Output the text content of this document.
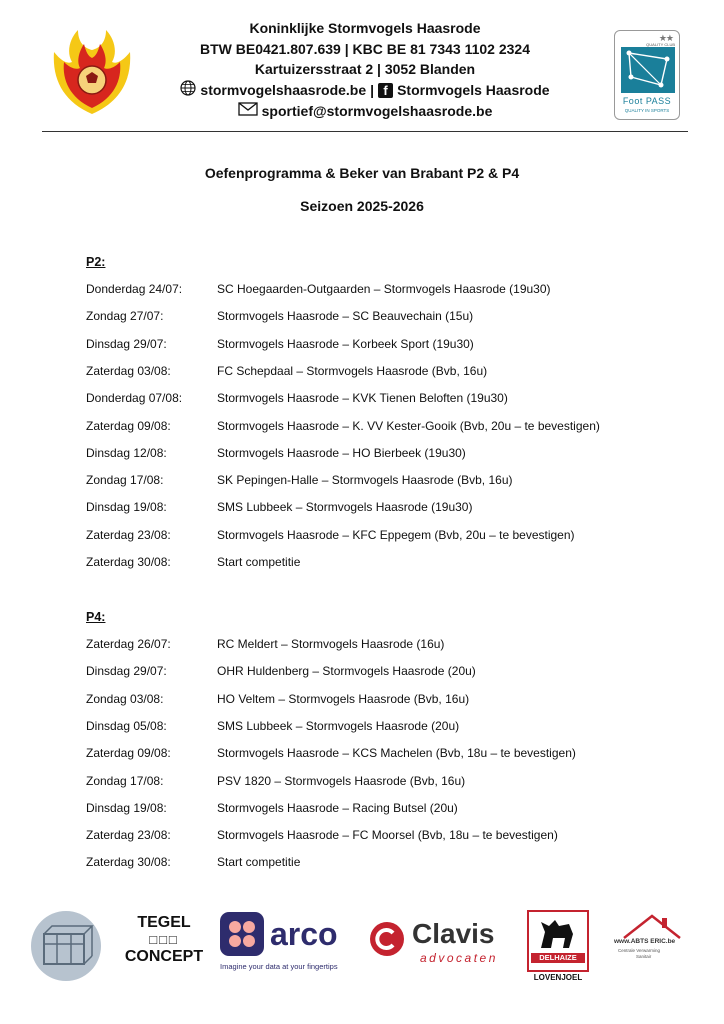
Koninklijke Stormvogels Haasrode
BTW BE0421.807.639 | KBC BE 81 7343 1102 2324
Kartuizersstraat 2 | 3052 Blanden
stormvogelshaasrode.be | f Stormvogels Haasrode
sportief@stormvogelshaasrode.be
★★
QUALITY CLUB
Foot PASS
QUALITY IN SPORTS
Oefenprogramma & Beker van Brabant P2 & P4
Seizoen 2025-2026
P2:
Donderdag 24/07:	SC Hoegaarden-Outgaarden – Stormvogels Haasrode (19u30)
Zondag 27/07:	Stormvogels Haasrode – SC Beauvechain (15u)
Dinsdag 29/07:	Stormvogels Haasrode – Korbeek Sport (19u30)
Zaterdag 03/08:	FC Schepdaal – Stormvogels Haasrode (Bvb, 16u)
Donderdag 07/08:	Stormvogels Haasrode – KVK Tienen Beloften (19u30)
Zaterdag 09/08:	Stormvogels Haasrode – K. VV Kester-Gooik (Bvb, 20u – te bevestigen)
Dinsdag 12/08:	Stormvogels Haasrode – HO Bierbeek (19u30)
Zondag 17/08:	SK Pepingen-Halle – Stormvogels Haasrode (Bvb, 16u)
Dinsdag 19/08:	SMS Lubbeek – Stormvogels Haasrode (19u30)
Zaterdag 23/08:	Stormvogels Haasrode – KFC Eppegem (Bvb, 20u – te bevestigen)
Zaterdag 30/08:	Start competitie
P4:
Zaterdag 26/07:	RC Meldert – Stormvogels Haasrode (16u)
Dinsdag 29/07:	OHR Huldenberg – Stormvogels Haasrode (20u)
Zondag 03/08:	HO Veltem – Stormvogels Haasrode (Bvb, 16u)
Dinsdag 05/08:	SMS Lubbeek – Stormvogels Haasrode (20u)
Zaterdag 09/08:	Stormvogels Haasrode – KCS Machelen (Bvb, 18u – te bevestigen)
Zondag 17/08:	PSV 1820 – Stormvogels Haasrode (Bvb, 16u)
Dinsdag 19/08:	Stormvogels Haasrode – Racing Butsel (20u)
Zaterdag 23/08:	Stormvogels Haasrode – FC Moorsel (Bvb, 18u – te bevestigen)
Zaterdag 30/08:	Start competitie
TEGEL
□□□
CONCEPT
arco
Imagine your data at your fingertips
Clavis
advocaten	DELHAIZE
LOVENJOEL
www.ABTS ERIC.be
Centrale Verwarming
Sanitair
